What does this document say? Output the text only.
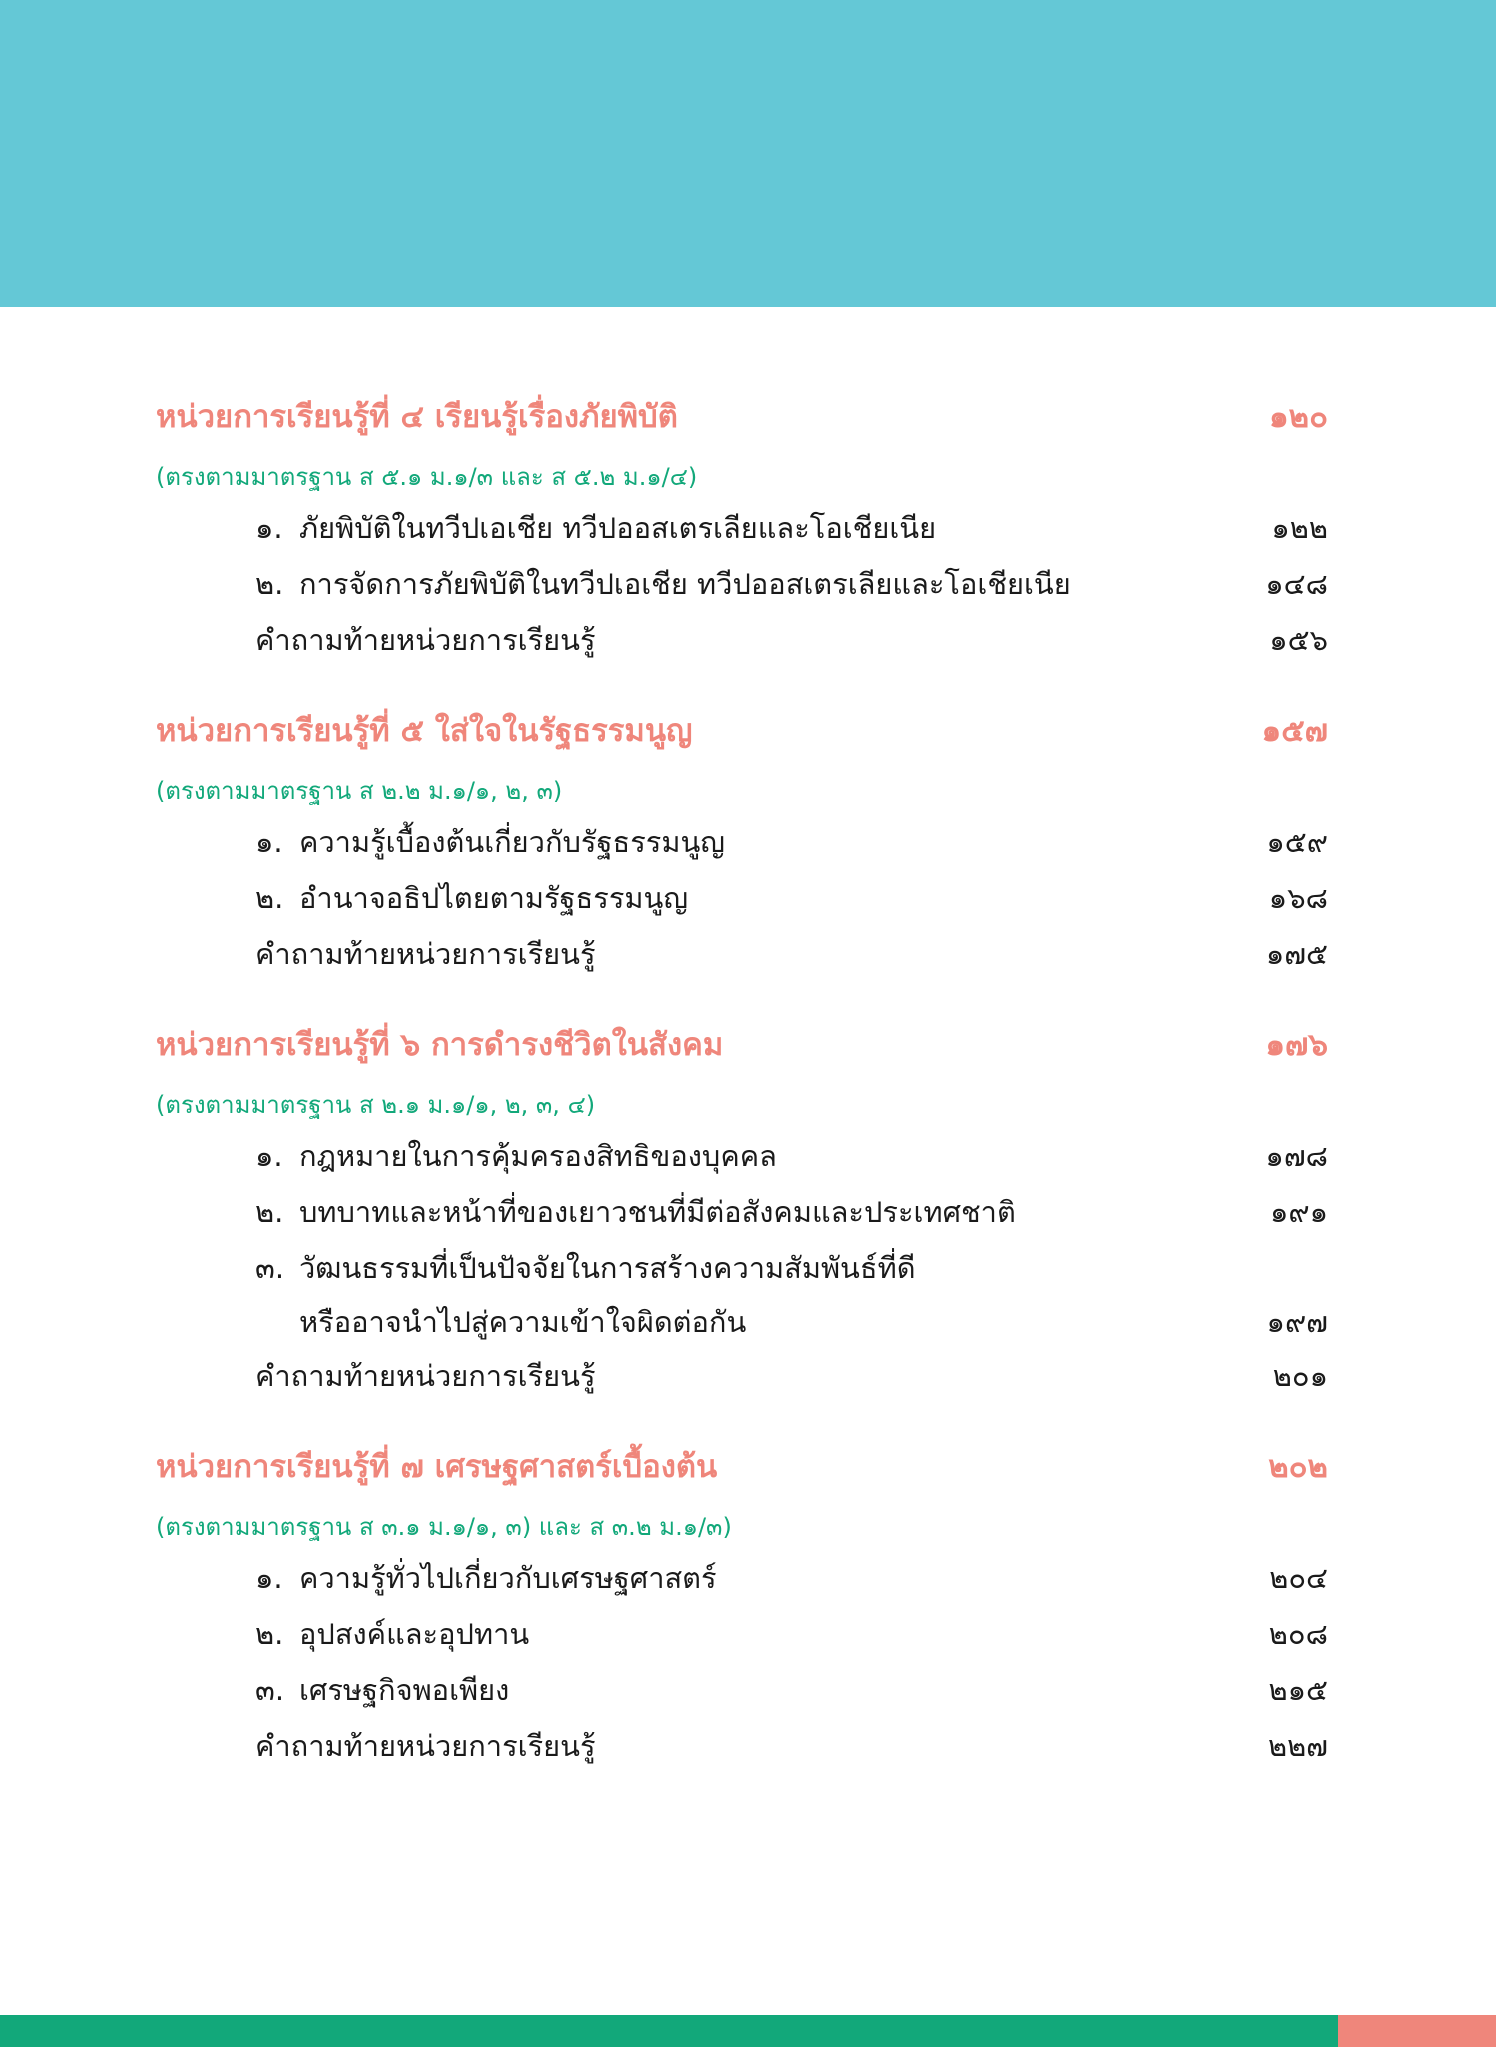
หน่วยการเรียนรู้ที่ ๔ เรียนรู้เรื่องภัยพิบัติ	๑๒๐
(ตรงตามมาตรฐาน ส ๕.๑ ม.๑/๓ และ ส ๕.๒ ม.๑/๔)
๑. ภัยพิบัติในทวีปเอเชีย ทวีปออสเตรเลียและโอเชียเนีย	๑๒๒
๒. การจัดการภัยพิบัติในทวีปเอเชีย ทวีปออสเตรเลียและโอเชียเนีย	๑๔๘
คำถามท้ายหน่วยการเรียนรู้	๑๕๖
หน่วยการเรียนรู้ที่ ๕ ใส่ใจในรัฐธรรมนูญ	๑๕๗
(ตรงตามมาตรฐาน ส ๒.๒ ม.๑/๑, ๒, ๓)
๑. ความรู้เบื้องต้นเกี่ยวกับรัฐธรรมนูญ	๑๕๙
๒. อำนาจอธิปไตยตามรัฐธรรมนูญ	๑๖๘
คำถามท้ายหน่วยการเรียนรู้	๑๗๕
หน่วยการเรียนรู้ที่ ๖ การดำรงชีวิตในสังคม	๑๗๖
(ตรงตามมาตรฐาน ส ๒.๑ ม.๑/๑, ๒, ๓, ๔)
๑. กฎหมายในการคุ้มครองสิทธิของบุคคล	๑๗๘
๒. บทบาทและหน้าที่ของเยาวชนที่มีต่อสังคมและประเทศชาติ	๑๙๑
๓. วัฒนธรรมที่เป็นปัจจัยในการสร้างความสัมพันธ์ที่ดี
หรืออาจนำไปสู่ความเข้าใจผิดต่อกัน	๑๙๗
คำถามท้ายหน่วยการเรียนรู้	๒๐๑
หน่วยการเรียนรู้ที่ ๗ เศรษฐศาสตร์เบื้องต้น	๒๐๒
(ตรงตามมาตรฐาน ส ๓.๑ ม.๑/๑, ๓) และ ส ๓.๒ ม.๑/๓)
๑. ความรู้ทั่วไปเกี่ยวกับเศรษฐศาสตร์	๒๐๔
๒. อุปสงค์และอุปทาน	๒๐๘
๓. เศรษฐกิจพอเพียง	๒๑๕
คำถามท้ายหน่วยการเรียนรู้	๒๒๗
